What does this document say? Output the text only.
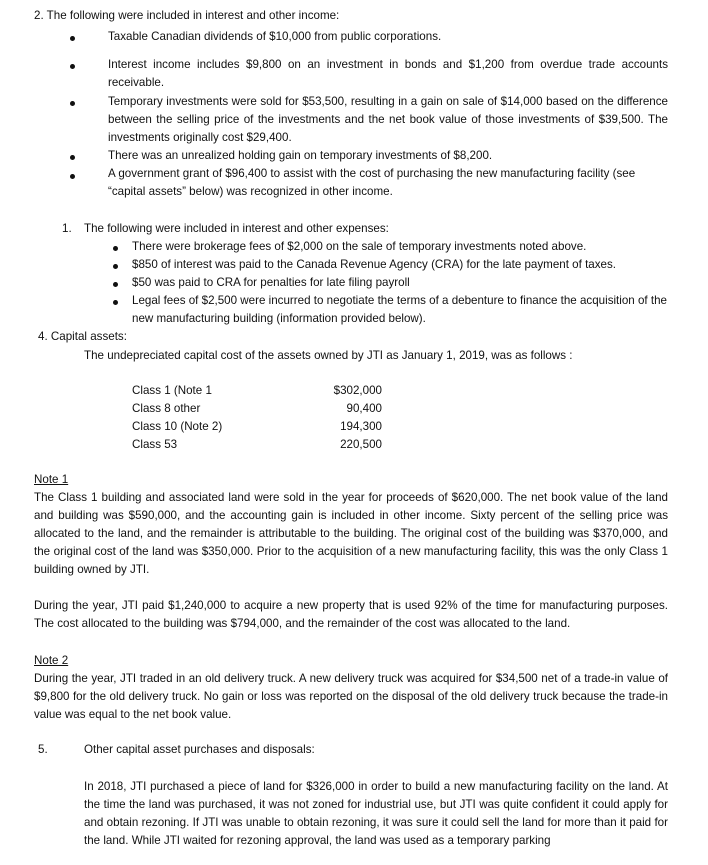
2. The following were included in interest and other income:

Taxable Canadian dividends of $10,000 from public corporations.

Interest income includes $9,800 on an investment in bonds and $1,200 from overdue trade accounts receivable.

Temporary investments were sold for $53,500, resulting in a gain on sale of $14,000 based on the difference between the selling price of the investments and the net book value of those investments of $39,500. The investments originally cost $29,400.

There was an unrealized holding gain on temporary investments of $8,200.

A government grant of $96,400 to assist with the cost of purchasing the new manufacturing facility (see “capital assets” below) was recognized in other income.

1. The following were included in interest and other expenses:

There were brokerage fees of $2,000 on the sale of temporary investments noted above.

$850 of interest was paid to the Canada Revenue Agency (CRA) for the late payment of taxes.

$50 was paid to CRA for penalties for late filing payroll

Legal fees of $2,500 were incurred to negotiate the terms of a debenture to finance the acquisition of the new manufacturing building (information provided below).

4. Capital assets:

The undepreciated capital cost of the assets owned by JTI as January 1, 2019, was as follows :

Class 1 (Note 1	$302,000
Class 8 other	90,400
Class 10 (Note 2)	194,300
Class 53	220,500

Note 1

The Class 1 building and associated land were sold in the year for proceeds of $620,000. The net book value of the land and building was $590,000, and the accounting gain is included in other income. Sixty percent of the selling price was allocated to the land, and the remainder is attributable to the building. The original cost of the building was $370,000, and the original cost of the land was $350,000. Prior to the acquisition of a new manufacturing facility, this was the only Class 1 building owned by JTI.

During the year, JTI paid $1,240,000 to acquire a new property that is used 92% of the time for manufacturing purposes. The cost allocated to the building was $794,000, and the remainder of the cost was allocated to the land.

Note 2

During the year, JTI traded in an old delivery truck. A new delivery truck was acquired for $34,500 net of a trade-in value of $9,800 for the old delivery truck. No gain or loss was reported on the disposal of the old delivery truck because the trade-in value was equal to the net book value.

5.	Other capital asset purchases and disposals:

In 2018, JTI purchased a piece of land for $326,000 in order to build a new manufacturing facility on the land. At the time the land was purchased, it was not zoned for industrial use, but JTI was quite confident it could apply for and obtain rezoning. If JTI was unable to obtain rezoning, it was sure it could sell the land for more than it paid for the land. While JTI waited for rezoning approval, the land was used as a temporary parking
